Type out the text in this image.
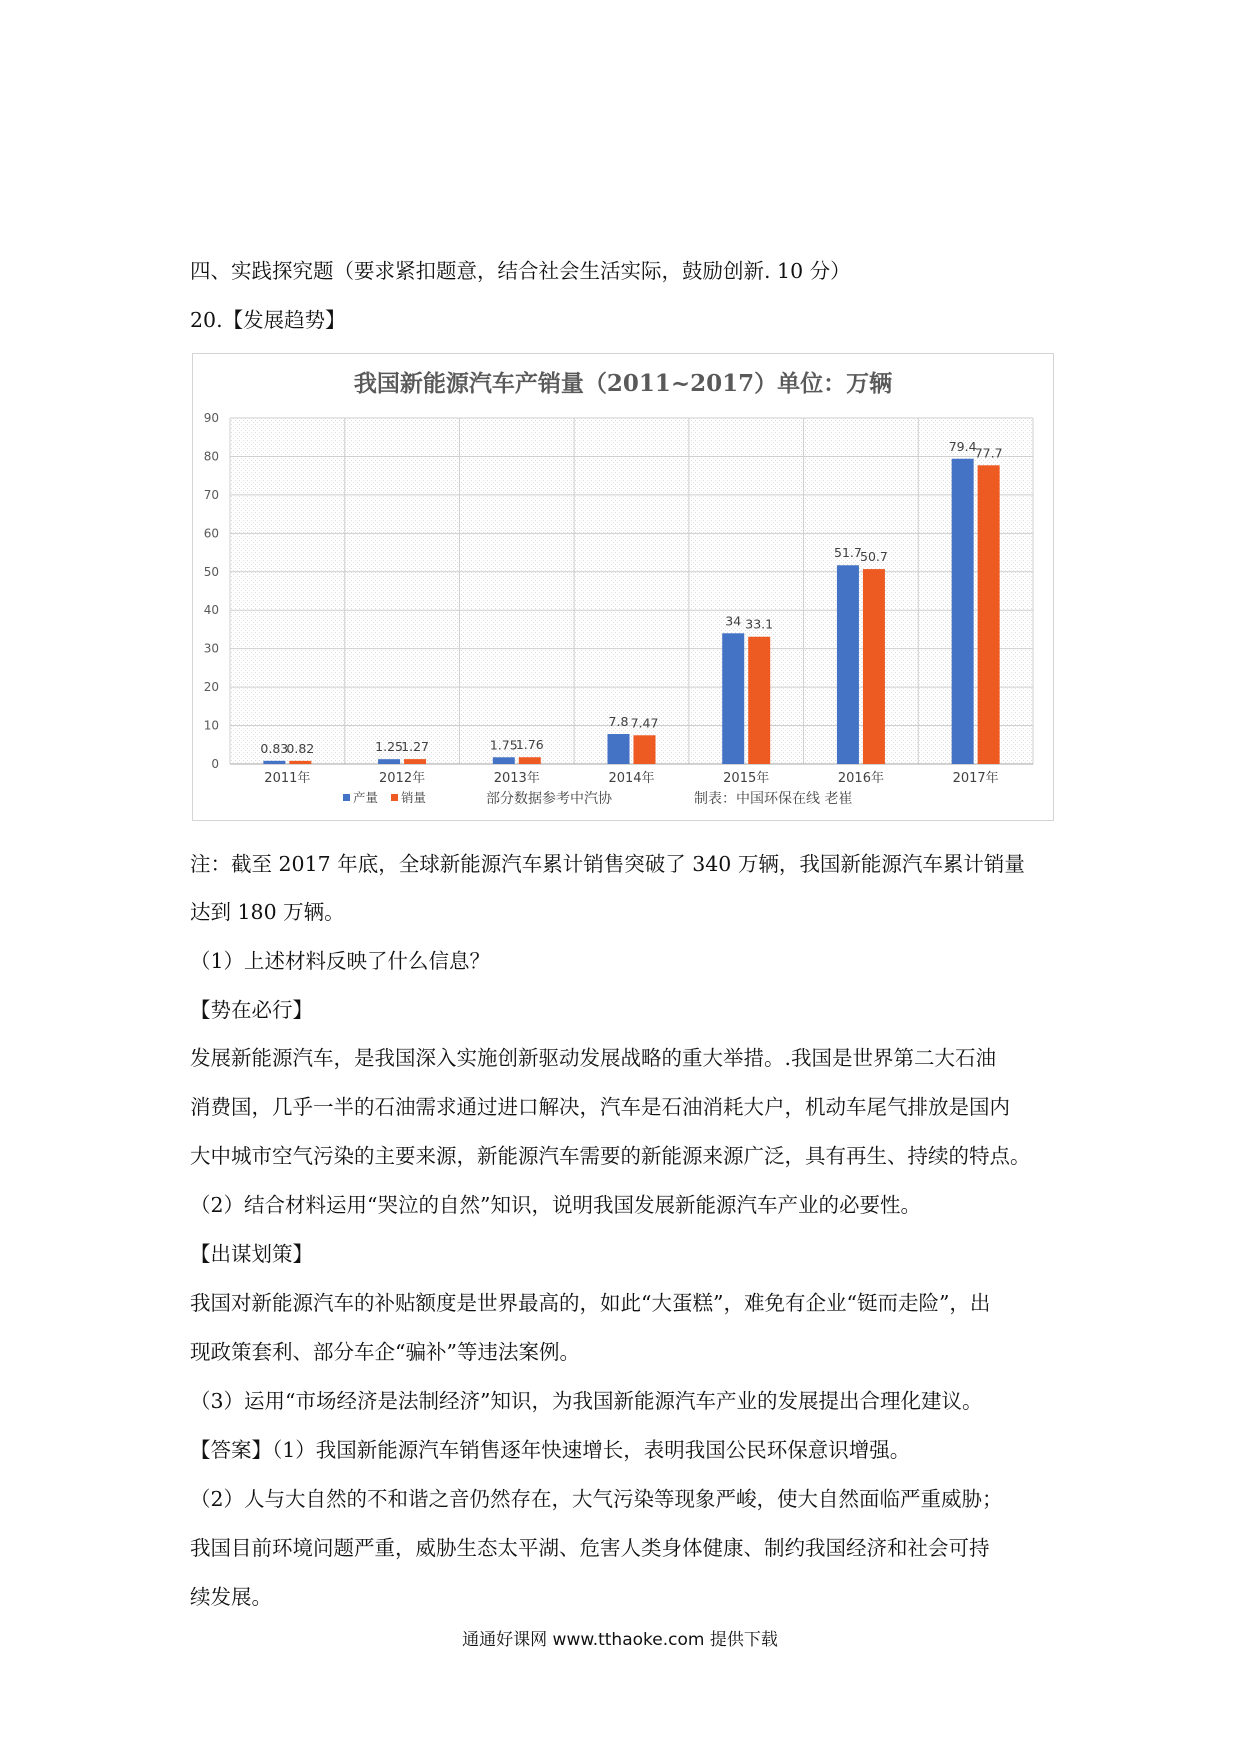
四、实践探究题（要求紧扣题意，结合社会生活实际，鼓励创新. 10 分）
20.【发展趋势】
我国新能源汽车产销量（2011~2017）单位：万辆
0
10
20
30
40
50
60
70
80
90
2011年	2012年	2013年	2014年	2015年	2016年	2017年
0.83	1.25	1.75
7.8
34
51.7
79.4
0.82	1.27	1.76
7.47
33.1
50.7
77.7
产量 销量	部分数据参考中汽协	制表：中国环保在线 老崔
注：截至 2017 年底，全球新能源汽车累计销售突破了 340 万辆，我国新能源汽车累计销量
达到 180 万辆。
（1）上述材料反映了什么信息？
【势在必行】
发展新能源汽车，是我国深入实施创新驱动发展战略的重大举措。.我国是世界第二大石油
消费国，几乎一半的石油需求通过进口解决，汽车是石油消耗大户，机动车尾气排放是国内
大中城市空气污染的主要来源，新能源汽车需要的新能源来源广泛，具有再生、持续的特点。
（2）结合材料运用“哭泣的自然”知识，说明我国发展新能源汽车产业的必要性。
【出谋划策】
我国对新能源汽车的补贴额度是世界最高的，如此“大蛋糕”，难免有企业“铤而走险”，出
现政策套利、部分车企“骗补”等违法案例。
（3）运用“市场经济是法制经济”知识，为我国新能源汽车产业的发展提出合理化建议。
【答案】（1）我国新能源汽车销售逐年快速增长，表明我国公民环保意识增强。
（2）人与大自然的不和谐之音仍然存在，大气污染等现象严峻，使大自然面临严重威胁；
我国目前环境问题严重，威胁生态太平湖、危害人类身体健康、制约我国经济和社会可持
续发展。
通通好课网 www.tthaoke.com 提供下载
